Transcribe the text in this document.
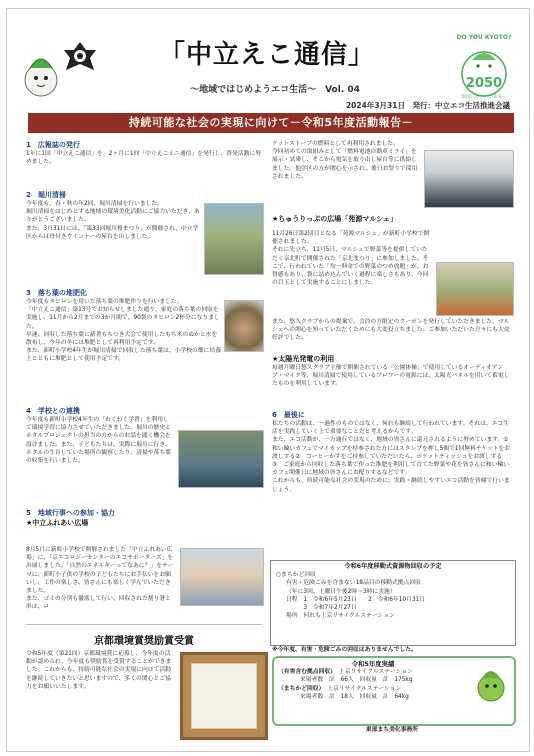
「中立えこ通信」
〜地域ではじめようエコ生活〜　Vol. 04
2024年3月31日　発行：中立エコ生活推進会議
DO YOU KYOTO?
2050
環境にやさしい未来へ
持続可能な社会の実現に向けて－令和5年度活動報告－
1　広報誌の発行

1年に1回「中立えこ通信」を、2ヶ月に1回「中立えこミニ通信」を発行し、啓発活動に努めました。

2　堀川清掃

今年度も、春・秋の年2回、堀川清掃を行いました。

堀川清掃をはじめとする地域の環境美化活動にご協力いただき、ありがとうございました。

また、3月31日には、「第33回堀川桜まつり」が開催され、中立学区からは骨付きウインナーの屋台を出しました。

3　落ち葉の堆肥化

今年度もタヒロンを用いた落ち葉の堆肥作りを行いました。

「中立えこ通信」第13号でお知らせしました通り、家庭の落ち葉の回収を実施し、11月から2月までの3か月間で、90袋のタヒロン2杯分になりました。

早速、回収した落ち葉に新著もちつき大会で使用したもち米のぬかと水を散布し、今年の冬には堆肥として再利用予定です。

また、新町小学校4年生が堀川清掃で回収した落ち葉は、小学校の畑に培養土とともに堆肥として使用予定です。

4　学校との連携

今年度も新町小学校4年生の「わくわく学習」を利用して環境学習に協力させていただきました。堀川の歴史とホタルプロジェクトの担当の方からのお話を聞く機会を設けました。また、子どもたちは、実際に堀川に行き、ホタルの生育していた場所の観察したり、清掃や落ち葉の収集を行いました。

5　地域行事への参加・協力
★中立ふれあい広場

8月5日に新町小学校で開催されました「中立ふれあい広場」に、「京エコロジーセンターのエコサポーターズ」を出展しました。「自然のエネルギーってなあに？」をテーマに、新町小子供の学校の子どもたちにお手伝いをお願いし、工作の楽しさ、皆さんにも楽しく学んでいただきました。

また、ゴミの分別も徹底して行い、回収された割り箸と串は、ロ

京都環境賞奨励賞受賞

令和5年度（第21回）京都環境賞に応募し、今年度の活動が認められ、今年度も奨励賞を受賞することができました。これからも、持続可能な社会の実現に向けて活動を継続していきたいと思いますので、多くの関心とご協力をお願いいたします。

ケットストーブの燃料として再利用されました。

今回初めての取組みとして「燃料電池自動車ミライ」を展示・試乗し、そこから電気を取り出し屋台等に供給しました。他学区の方が関心を示され、後日お祭りで採用されました。

★ちゅうりっぷの広場「苑源マルシェ」

11月26日第2回目となる「苑源マルシェ」が新町小学校で開催されました。

それに先立ち、11月5日、マルシェで野菜等を提供していただく京北町で開催された「京北まつり」に参加しました。そこで、行われていた「均一料金での野菜のつめ放題」が、お得感もあり、袋に詰め込んでいく過程に楽しさもあり、今回の目玉として実施することにしました。

また、悠久クラブからの提案で、会員の方限定のクーポンを発行していただきました。マルシェへの関心を知っていただくためにも大変役立ちました。ご参加いただいた方々にも大変好評でした。

★太陽光発電の利用

毎週月曜日悠久クラブ主催で開催されている「公園体操」で使用しているオーディオアンプ・マイク等、堀川清掃で使用しているブロワーの電源には、太陽光パネルを用いて蓄電したものを利用しています。

6　最後に

私たちの活動は、一過性のものではなく、何れも継続して行われています。それは、エコ生活を実践していく上で重要なことだと考えるからです。

また、エコ活動が、一方通行ではなく、地域の皆さんに還元されるように努めています。①　和い輪いカフェでマイカップを持参された方にはスタンプを押し5個で1回無料チケットをお渡しする②　コーヒーかすをご持参していただいたら、ポケットティッシュをお渡しする　③　ご家庭から回収した落ち葉で作った堆肥を利用して育てた野菜や花を皆さんに和い輪いカフェ開催日に地域の皆さんにお配りするなどです。

これからも、持続可能な社会の実現のために、実践・継続しやすいエコ活動を皆様で行いましょう。

令和6年度移動式資源物回収の予定
○まちかど回収
有害・危険ごみを含まない18品目の移動式拠点回収
（年に3回、土曜日午後2時～3時に実施）
日程　1　令和6年5月23日　　2　令和6年10月31日
　　　3　令和7年2月27日
場所　何れも上京リサイクルステーション
※今年度、有害・危険ごみの回収はありませんでした。
令和5年度実績
（有害含む拠点回収）　 上京リサイクルステーション
来場者数　計　66人　回収量　計　175kg
（まちかど回収）　 上京リサイクルステーション
来場者数　計　18人　回収量　計　64kg
東部まち美化事務所
